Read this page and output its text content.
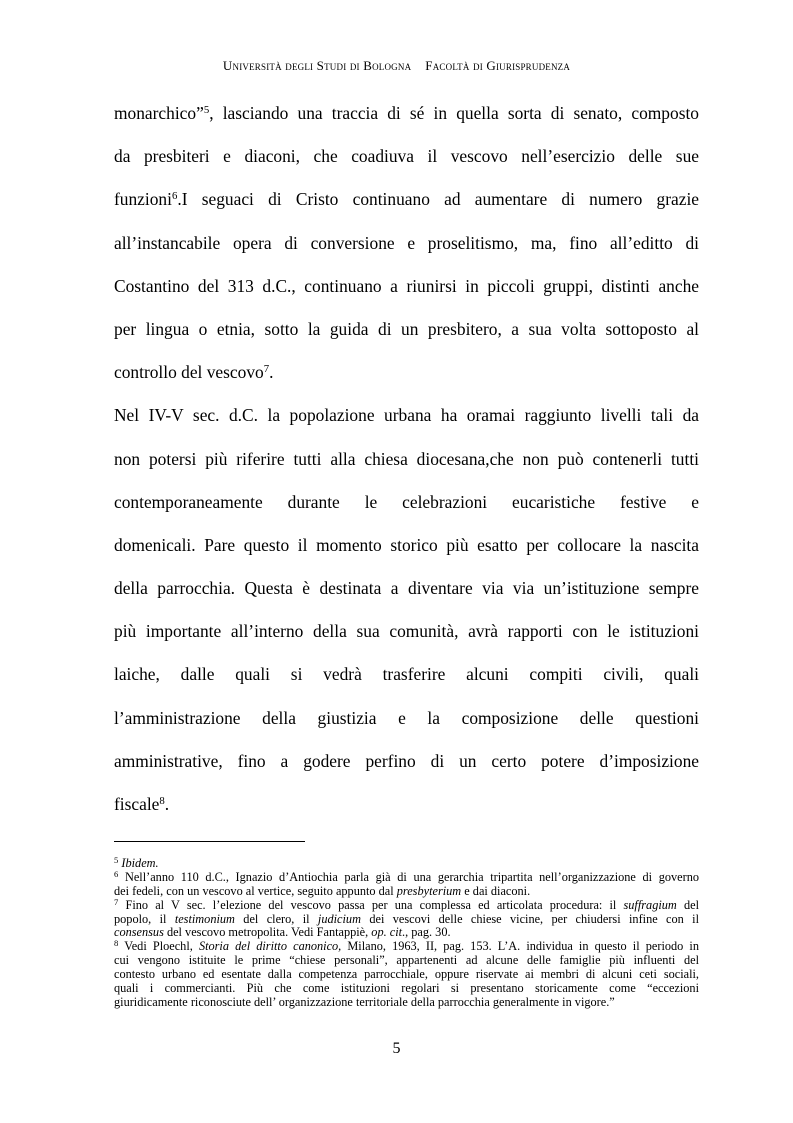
Università degli Studi di Bologna Facoltà di Giurisprudenza
monarchico”$^5$, lasciando una traccia di sé in quella sorta di senato, composto
da presbiteri e diaconi, che coadiuva il vescovo nell’esercizio delle sue
funzioni$^6$.I seguaci di Cristo continuano ad aumentare di numero grazie
all’instancabile opera di conversione e proselitismo, ma, fino all’editto di
Costantino del 313 d.C., continuano a riunirsi in piccoli gruppi, distinti anche
per lingua o etnia, sotto la guida di un presbitero, a sua volta sottoposto al
controllo del vescovo$^7$.
Nel IV-V sec. d.C. la popolazione urbana ha oramai raggiunto livelli tali da
non potersi più riferire tutti alla chiesa diocesana,che non può contenerli tutti
contemporaneamente durante le celebrazioni eucaristiche festive e
domenicali. Pare questo il momento storico più esatto per collocare la nascita
della parrocchia. Questa è destinata a diventare via via un’istituzione sempre
più importante all’interno della sua comunità, avrà rapporti con le istituzioni
laiche, dalle quali si vedrà trasferire alcuni compiti civili, quali
l’amministrazione della giustizia e la composizione delle questioni
amministrative, fino a godere perfino di un certo potere d’imposizione
fiscale$^8$.
$^5$ Ibidem.
$^6$ Nell’anno 110 d.C., Ignazio d’Antiochia parla già di una gerarchia tripartita nell’organizzazione di governo
dei fedeli, con un vescovo al vertice, seguito appunto dal presbyterium e dai diaconi.
$^7$ Fino al V sec. l’elezione del vescovo passa per una complessa ed articolata procedura: il suffragium del
popolo, il testimonium del clero, il judicium dei vescovi delle chiese vicine, per chiudersi infine con il
consensus del vescovo metropolita. Vedi Fantappiè, op. cit., pag. 30.
$^8$ Vedi Ploechl, Storia del diritto canonico, Milano, 1963, II, pag. 153. L’A. individua in questo il periodo in
cui vengono istituite le prime “chiese personali”, appartenenti ad alcune delle famiglie più influenti del
contesto urbano ed esentate dalla competenza parrocchiale, oppure riservate ai membri di alcuni ceti sociali,
quali i commercianti. Più che come istituzioni regolari si presentano storicamente come “eccezioni
giuridicamente riconosciute dell’ organizzazione territoriale della parrocchia generalmente in vigore.”
5
